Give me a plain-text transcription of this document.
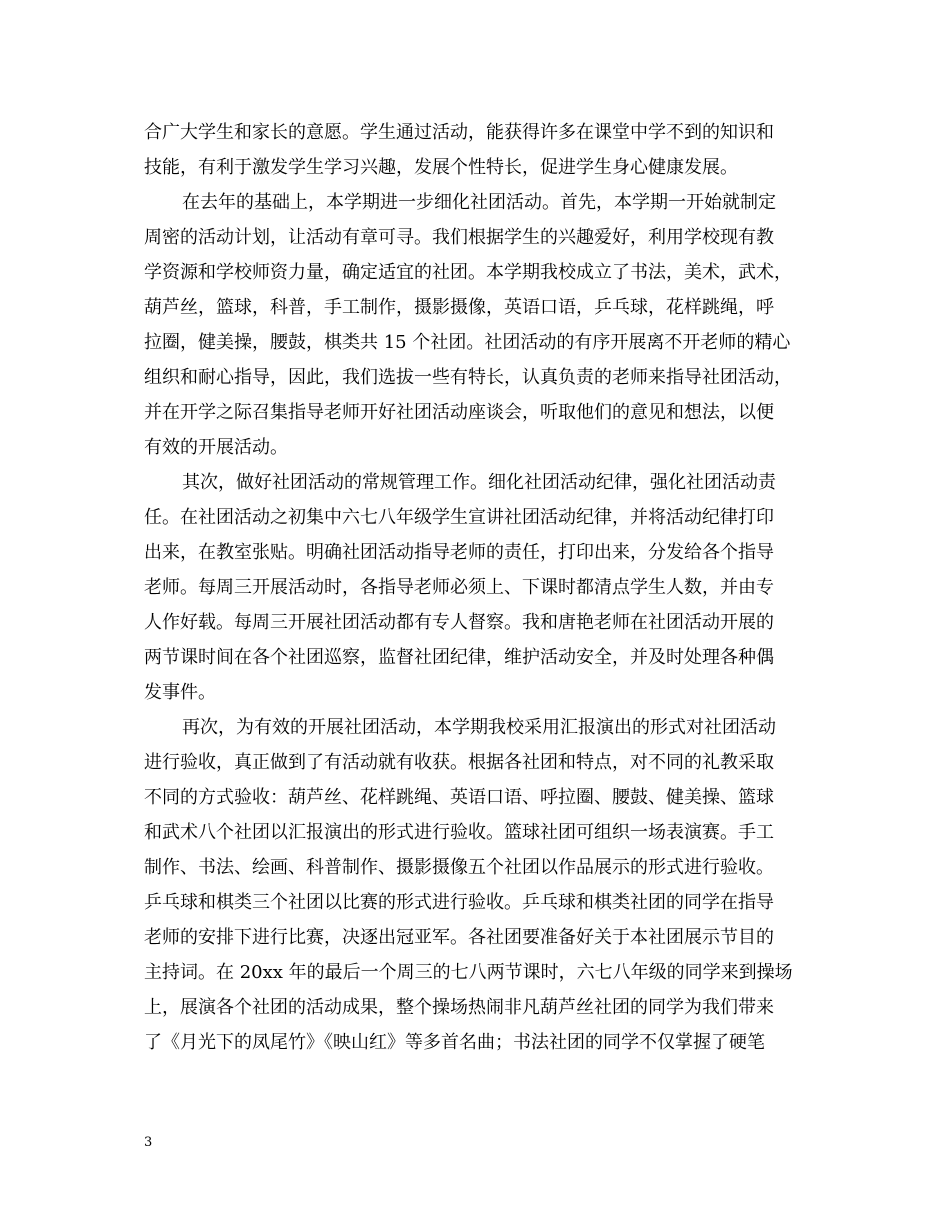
合广大学生和家长的意愿。学生通过活动，能获得许多在课堂中学不到的知识和
技能，有利于激发学生学习兴趣，发展个性特长，促进学生身心健康发展。
在去年的基础上，本学期进一步细化社团活动。首先，本学期一开始就制定
周密的活动计划，让活动有章可寻。我们根据学生的兴趣爱好，利用学校现有教
学资源和学校师资力量，确定适宜的社团。本学期我校成立了书法，美术，武术，
葫芦丝，篮球，科普，手工制作，摄影摄像，英语口语，乒乓球，花样跳绳，呼
拉圈，健美操，腰鼓，棋类共 15 个社团。社团活动的有序开展离不开老师的精心
组织和耐心指导，因此，我们选拔一些有特长，认真负责的老师来指导社团活动，
并在开学之际召集指导老师开好社团活动座谈会，听取他们的意见和想法，以便
有效的开展活动。
其次，做好社团活动的常规管理工作。细化社团活动纪律，强化社团活动责
任。在社团活动之初集中六七八年级学生宣讲社团活动纪律，并将活动纪律打印
出来，在教室张贴。明确社团活动指导老师的责任，打印出来，分发给各个指导
老师。每周三开展活动时，各指导老师必须上、下课时都清点学生人数，并由专
人作好载。每周三开展社团活动都有专人督察。我和唐艳老师在社团活动开展的
两节课时间在各个社团巡察，监督社团纪律，维护活动安全，并及时处理各种偶
发事件。
再次，为有效的开展社团活动，本学期我校采用汇报演出的形式对社团活动
进行验收，真正做到了有活动就有收获。根据各社团和特点，对不同的礼教采取
不同的方式验收：葫芦丝、花样跳绳、英语口语、呼拉圈、腰鼓、健美操、篮球
和武术八个社团以汇报演出的形式进行验收。篮球社团可组织一场表演赛。手工
制作、书法、绘画、科普制作、摄影摄像五个社团以作品展示的形式进行验收。
乒乓球和棋类三个社团以比赛的形式进行验收。乒乓球和棋类社团的同学在指导
老师的安排下进行比赛，决逐出冠亚军。各社团要准备好关于本社团展示节目的
主持词。在 20xx 年的最后一个周三的七八两节课时，六七八年级的同学来到操场
上，展演各个社团的活动成果，整个操场热闹非凡葫芦丝社团的同学为我们带来
了《月光下的凤尾竹》《映山红》等多首名曲；书法社团的同学不仅掌握了硬笔
3
